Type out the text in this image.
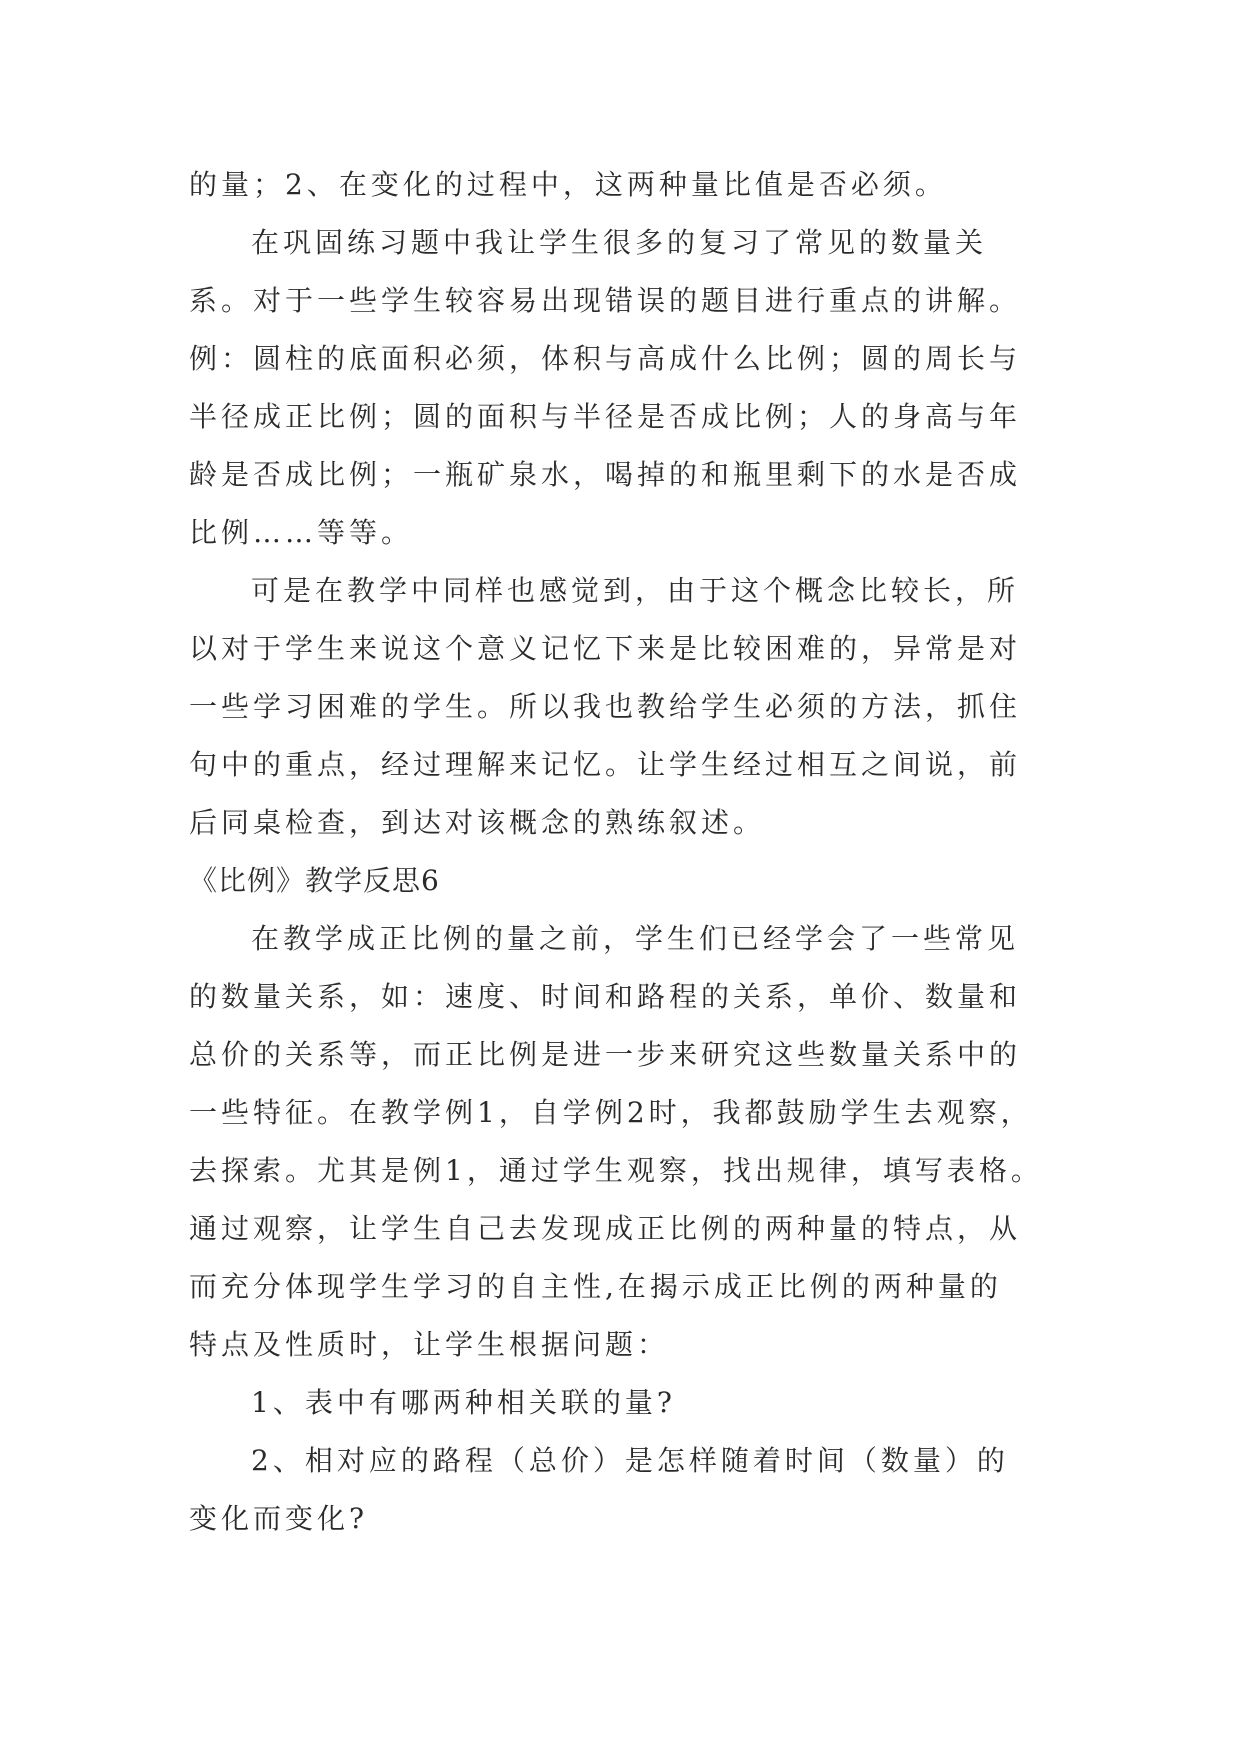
的量；2、在变化的过程中，这两种量比值是否必须。
在巩固练习题中我让学生很多的复习了常见的数量关
系。对于一些学生较容易出现错误的题目进行重点的讲解。
例：圆柱的底面积必须，体积与高成什么比例；圆的周长与
半径成正比例；圆的面积与半径是否成比例；人的身高与年
龄是否成比例；一瓶矿泉水，喝掉的和瓶里剩下的水是否成
比例……等等。
可是在教学中同样也感觉到，由于这个概念比较长，所
以对于学生来说这个意义记忆下来是比较困难的，异常是对
一些学习困难的学生。所以我也教给学生必须的方法，抓住
句中的重点，经过理解来记忆。让学生经过相互之间说，前
后同桌检查，到达对该概念的熟练叙述。
《比例》教学反思6
在教学成正比例的量之前，学生们已经学会了一些常见
的数量关系，如：速度、时间和路程的关系，单价、数量和
总价的关系等，而正比例是进一步来研究这些数量关系中的
一些特征。在教学例1，自学例2时，我都鼓励学生去观察，
去探索。尤其是例1，通过学生观察，找出规律，填写表格。
通过观察，让学生自己去发现成正比例的两种量的特点，从
而充分体现学生学习的自主性,在揭示成正比例的两种量的
特点及性质时，让学生根据问题：
1、表中有哪两种相关联的量?
2、相对应的路程（总价）是怎样随着时间（数量）的
变化而变化?
